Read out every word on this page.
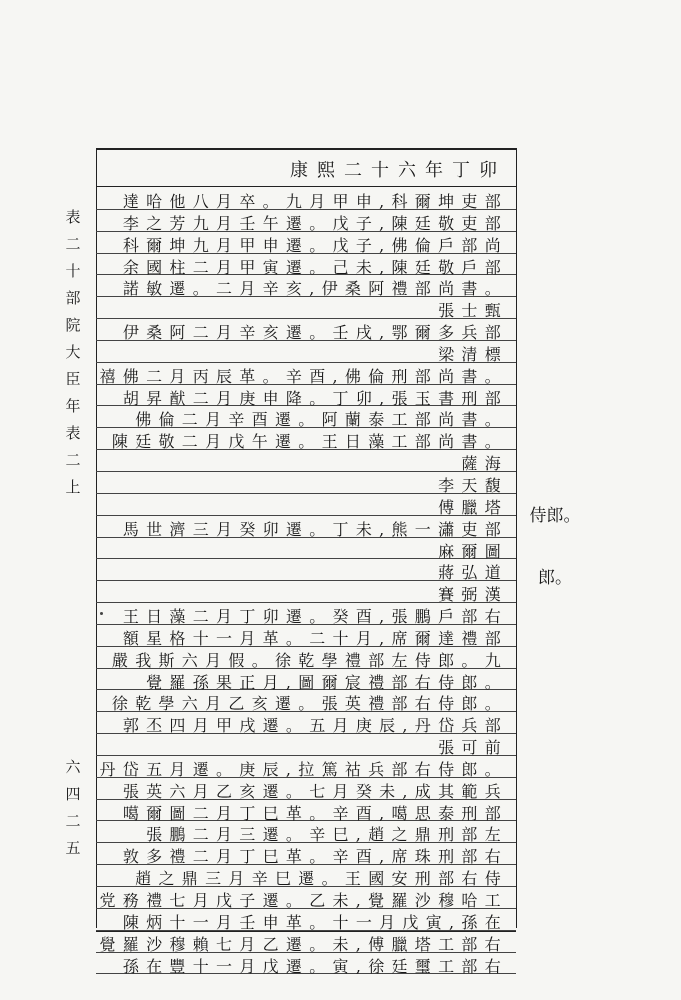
表
二
十
部
院
大
臣
年
表
二
上
六
四
二
五
康熙二十六年丁卯
達哈他八月卒。九月甲申,科爾坤吏部
李之芳九月壬午遷。戊子,陳廷敬吏部
科爾坤九月甲申遷。戊子,佛倫戶部尚
余國柱二月甲寅遷。己未,陳廷敬戶部
諾敏遷。二月辛亥,伊桑阿禮部尚書。
張士甄
伊桑阿二月辛亥遷。壬戌,鄂爾多兵部
梁清標
禧佛二月丙辰革。辛酉,佛倫刑部尚書。
胡昇猷二月庚申降。丁卯,張玉書刑部
佛倫二月辛酉遷。阿蘭泰工部尚書。
陳廷敬二月戊午遷。王日藻工部尚書。
薩海
李天馥
傅臘塔
馬世濟三月癸卯遷。丁未,熊一瀟吏部
麻爾圖
蔣弘道
賽弼漢
王日藻二月丁卯遷。癸酉,張鵬戶部右
額星格十一月革。二十月,席爾達禮部
嚴我斯六月假。徐乾學禮部左侍郎。九
覺羅孫果正月,圖爾宸禮部右侍郎。
徐乾學六月乙亥遷。張英禮部右侍郎。
郭丕四月甲戌遷。五月庚辰,丹岱兵部
張可前
丹岱五月遷。庚辰,拉篤祜兵部右侍郎。
張英六月乙亥遷。七月癸未,成其範兵
噶爾圖二月丁巳革。辛酉,噶思泰刑部
張鵬二月三遷。辛巳,趙之鼎刑部左
敦多禮二月丁巳革。辛酉,席珠刑部右
趙之鼎三月辛巳遷。王國安刑部右侍
党務禮七月戊子遷。乙未,覺羅沙穆哈工
陳炳十一月壬申革。十一月戊寅,孫在
覺羅沙穆賴七月乙遷。未,傅臘塔工部右
孫在豐十一月戊遷。寅,徐廷璽工部右
侍郎。
郎。
